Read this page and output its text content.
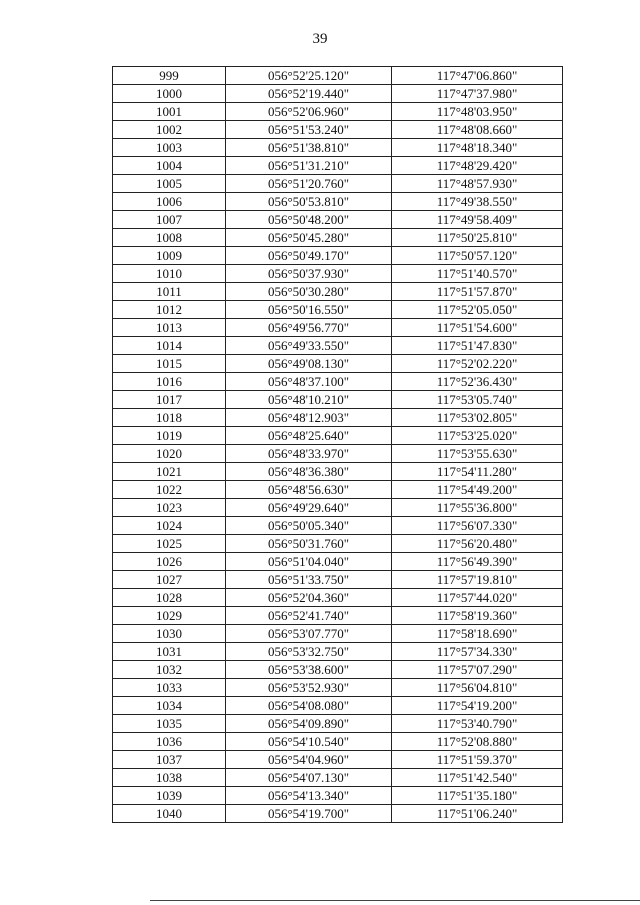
39
999	056°52'25.120"	117°47'06.860"
1000	056°52'19.440"	117°47'37.980"
1001	056°52'06.960"	117°48'03.950"
1002	056°51'53.240"	117°48'08.660"
1003	056°51'38.810"	117°48'18.340"
1004	056°51'31.210"	117°48'29.420"
1005	056°51'20.760"	117°48'57.930"
1006	056°50'53.810"	117°49'38.550"
1007	056°50'48.200"	117°49'58.409"
1008	056°50'45.280"	117°50'25.810"
1009	056°50'49.170"	117°50'57.120"
1010	056°50'37.930"	117°51'40.570"
1011	056°50'30.280"	117°51'57.870"
1012	056°50'16.550"	117°52'05.050"
1013	056°49'56.770"	117°51'54.600"
1014	056°49'33.550"	117°51'47.830"
1015	056°49'08.130"	117°52'02.220"
1016	056°48'37.100"	117°52'36.430"
1017	056°48'10.210"	117°53'05.740"
1018	056°48'12.903"	117°53'02.805"
1019	056°48'25.640"	117°53'25.020"
1020	056°48'33.970"	117°53'55.630"
1021	056°48'36.380"	117°54'11.280"
1022	056°48'56.630"	117°54'49.200"
1023	056°49'29.640"	117°55'36.800"
1024	056°50'05.340"	117°56'07.330"
1025	056°50'31.760"	117°56'20.480"
1026	056°51'04.040"	117°56'49.390"
1027	056°51'33.750"	117°57'19.810"
1028	056°52'04.360"	117°57'44.020"
1029	056°52'41.740"	117°58'19.360"
1030	056°53'07.770"	117°58'18.690"
1031	056°53'32.750"	117°57'34.330"
1032	056°53'38.600"	117°57'07.290"
1033	056°53'52.930"	117°56'04.810"
1034	056°54'08.080"	117°54'19.200"
1035	056°54'09.890"	117°53'40.790"
1036	056°54'10.540"	117°52'08.880"
1037	056°54'04.960"	117°51'59.370"
1038	056°54'07.130"	117°51'42.540"
1039	056°54'13.340"	117°51'35.180"
1040	056°54'19.700"	117°51'06.240"
